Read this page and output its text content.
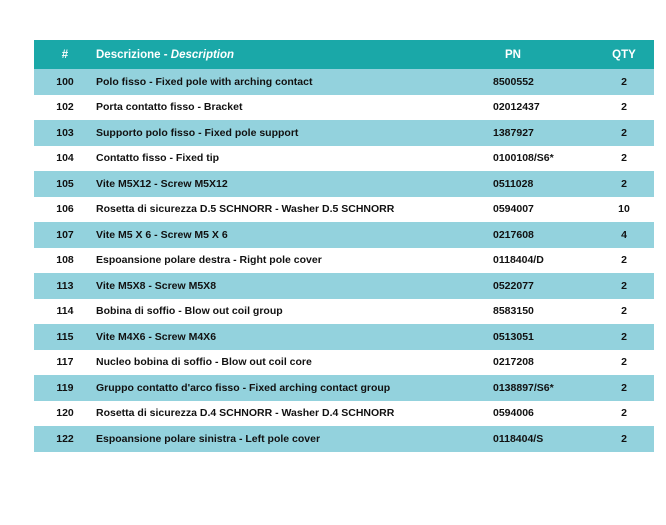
#	Descrizione - Description	PN	QTY
100	Polo fisso - Fixed pole with arching contact	8500552	2
102	Porta contatto fisso - Bracket	02012437	2
103	Supporto polo fisso - Fixed pole support	1387927	2
104	Contatto fisso - Fixed tip	0100108/S6*	2
105	Vite M5X12 - Screw M5X12	0511028	2
106	Rosetta di sicurezza D.5 SCHNORR - Washer D.5 SCHNORR	0594007	10
107	Vite M5 X 6 - Screw M5 X 6	0217608	4
108	Espoansione polare destra - Right pole cover	0118404/D	2
113	Vite M5X8 - Screw M5X8	0522077	2
114	Bobina di soffio - Blow out coil group	8583150	2
115	Vite M4X6 - Screw M4X6	0513051	2
117	Nucleo bobina di soffio - Blow out coil core	0217208	2
119	Gruppo contatto d'arco fisso - Fixed arching contact group	0138897/S6*	2
120	Rosetta di sicurezza D.4 SCHNORR - Washer D.4 SCHNORR	0594006	2
122	Espoansione polare sinistra - Left pole cover	0118404/S	2
